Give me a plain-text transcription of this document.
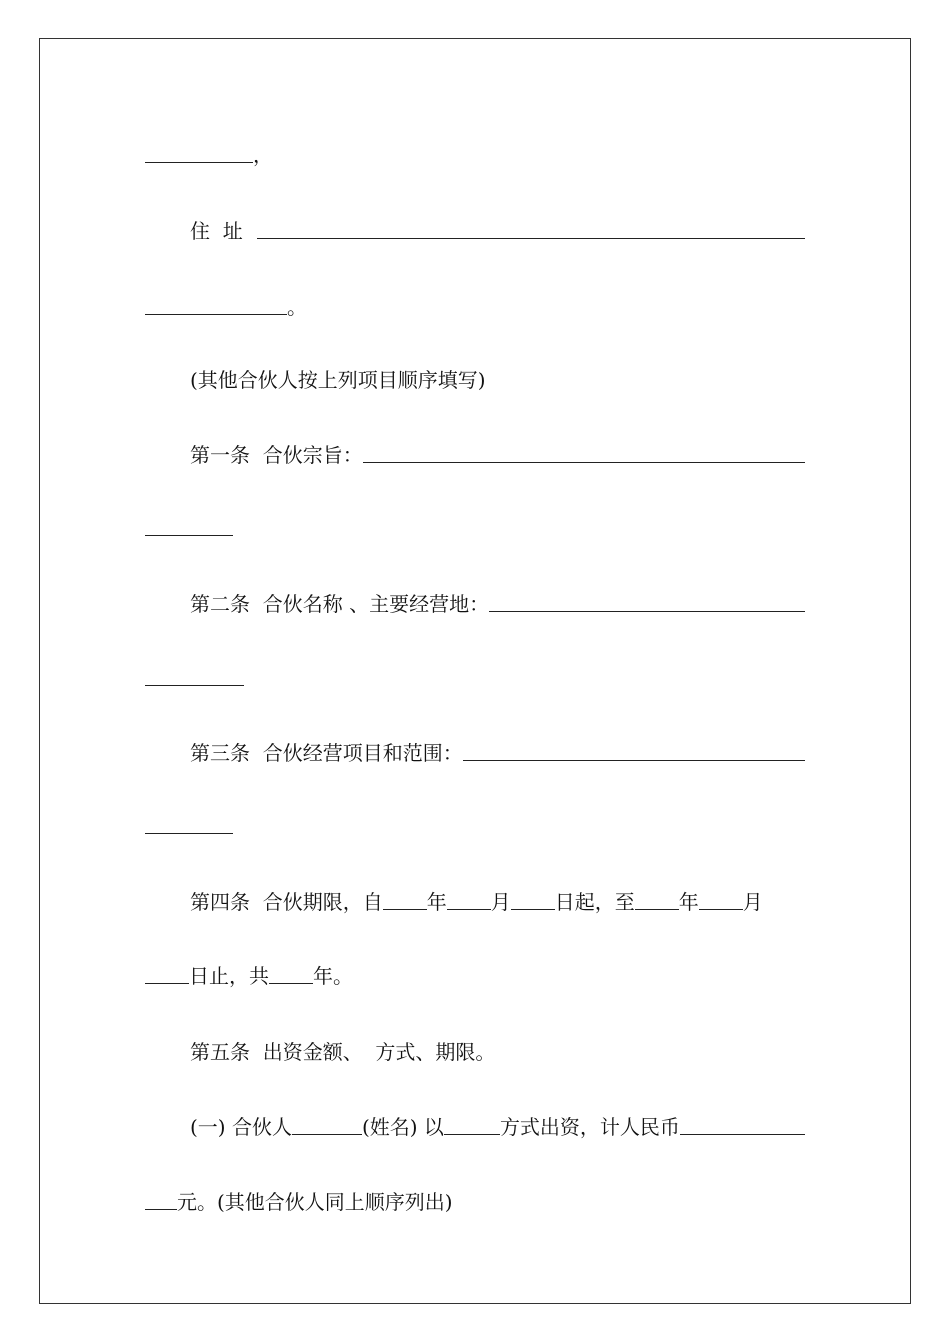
，
住  址
。
(其他合伙人按上列项目顺序填写)
第一条  合伙宗旨：
第二条  合伙名称 、主要经营地：
第三条  合伙经营项目和范围：
第四条  合伙期限，自 年 月 日起，至 年 月
日止，共 年。
第五条  出资金额、  方式、期限。
(一) 合伙人	(姓名) 以	方式出资，计人民币
元。(其他合伙人同上顺序列出)
